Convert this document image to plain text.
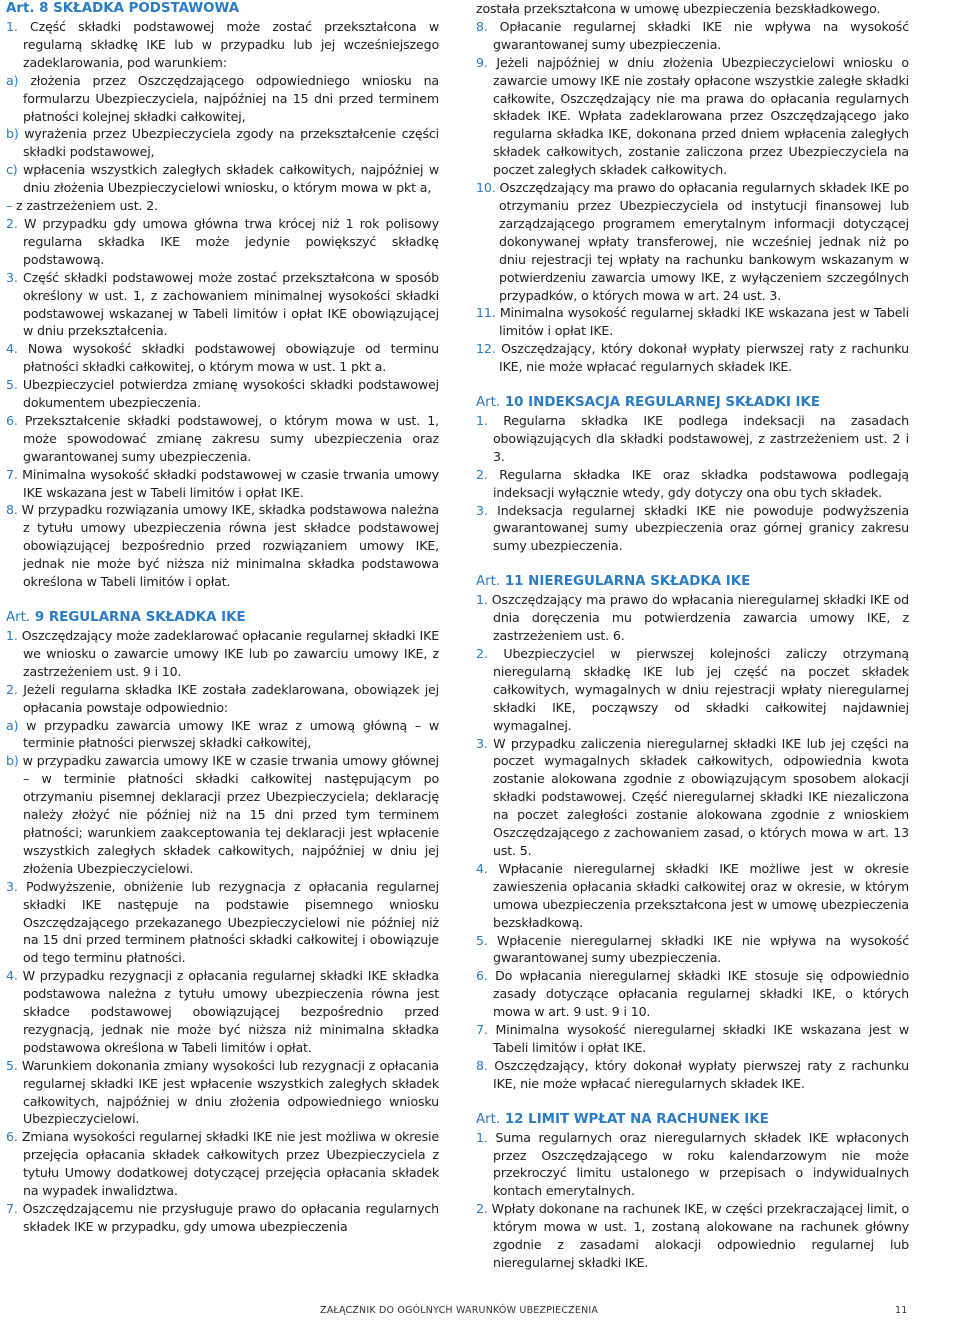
Art. 8 SKŁADKA PODSTAWOWA

1. Część składki podstawowej może zostać przekształcona w regularną składkę IKE lub w przypadku lub jej wcześniejszego zadeklarowania, pod warunkiem:

a) złożenia przez Oszczędzającego odpowiedniego wniosku na formularzu Ubezpieczyciela, najpóźniej na 15 dni przed terminem płatności kolejnej składki całkowitej,

b) wyrażenia przez Ubezpieczyciela zgody na przekształcenie części składki podstawowej,

c) wpłacenia wszystkich zaległych składek całkowitych, najpóźniej w dniu złożenia Ubezpieczycielowi wniosku, o którym mowa w pkt a,

– z zastrzeżeniem ust. 2.

2. W przypadku gdy umowa główna trwa krócej niż 1 rok polisowy regularna składka IKE może jedynie powiększyć składkę podstawową.

3. Część składki podstawowej może zostać przekształcona w sposób określony w ust. 1, z zachowaniem minimalnej wysokości składki podstawowej wskazanej w Tabeli limitów i opłat IKE obowiązującej w dniu przekształcenia.

4. Nowa wysokość składki podstawowej obowiązuje od terminu płatności składki całkowitej, o którym mowa w ust. 1 pkt a.

5. Ubezpieczyciel potwierdza zmianę wysokości składki podstawowej dokumentem ubezpieczenia.

6. Przekształcenie składki podstawowej, o którym mowa w ust. 1, może spowodować zmianę zakresu sumy ubezpieczenia oraz gwarantowanej sumy ubezpieczenia.

7. Minimalna wysokość składki podstawowej w czasie trwania umowy IKE wskazana jest w Tabeli limitów i opłat IKE.

8. W przypadku rozwiązania umowy IKE, składka podstawowa należna z tytułu umowy ubezpieczenia równa jest składce podstawowej obowiązującej bezpośrednio przed rozwiązaniem umowy IKE, jednak nie może być niższa niż minimalna składka podstawowa określona w Tabeli limitów i opłat.

Art. 9 REGULARNA SKŁADKA IKE

1. Oszczędzający może zadeklarować opłacanie regularnej składki IKE we wniosku o zawarcie umowy IKE lub po zawarciu umowy IKE, z zastrzeżeniem ust. 9 i 10.

2. Jeżeli regularna składka IKE została zadeklarowana, obowiązek jej opłacania powstaje odpowiednio:

a) w przypadku zawarcia umowy IKE wraz z umową główną – w terminie płatności pierwszej składki całkowitej,

b) w przypadku zawarcia umowy IKE w czasie trwania umowy głównej – w terminie płatności składki całkowitej następującym po otrzymaniu pisemnej deklaracji przez Ubezpieczyciela; deklarację należy złożyć nie później niż na 15 dni przed tym terminem płatności; warunkiem zaakceptowania tej deklaracji jest wpłacenie wszystkich zaległych składek całkowitych, najpóźniej w dniu jej złożenia Ubezpieczycielowi.

3. Podwyższenie, obniżenie lub rezygnacja z opłacania regularnej składki IKE następuje na podstawie pisemnego wniosku Oszczędzającego przekazanego Ubezpieczycielowi nie później niż na 15 dni przed terminem płatności składki całkowitej i obowiązuje od tego terminu płatności.

4. W przypadku rezygnacji z opłacania regularnej składki IKE składka podstawowa należna z tytułu umowy ubezpieczenia równa jest składce podstawowej obowiązującej bezpośrednio przed rezygnacją, jednak nie może być niższa niż minimalna składka podstawowa określona w Tabeli limitów i opłat.

5. Warunkiem dokonania zmiany wysokości lub rezygnacji z opłacania regularnej składki IKE jest wpłacenie wszystkich zaległych składek całkowitych, najpóźniej w dniu złożenia odpowiedniego wniosku Ubezpieczycielowi.

6. Zmiana wysokości regularnej składki IKE nie jest możliwa w okresie przejęcia opłacania składek całkowitych przez Ubezpieczyciela z tytułu Umowy dodatkowej dotyczącej przejęcia opłacania składek na wypadek inwalidztwa.

7. Oszczędzającemu nie przysługuje prawo do opłacania regularnych składek IKE w przypadku, gdy umowa ubezpieczenia

została przekształcona w umowę ubezpieczenia bezskładkowego.

8. Opłacanie regularnej składki IKE nie wpływa na wysokość gwarantowanej sumy ubezpieczenia.

9. Jeżeli najpóźniej w dniu złożenia Ubezpieczycielowi wniosku o zawarcie umowy IKE nie zostały opłacone wszystkie zaległe składki całkowite, Oszczędzający nie ma prawa do opłacania regularnych składek IKE. Wpłata zadeklarowana przez Oszczędzającego jako regularna składka IKE, dokonana przed dniem wpłacenia zaległych składek całkowitych, zostanie zaliczona przez Ubezpieczyciela na poczet zaległych składek całkowitych.

10. Oszczędzający ma prawo do opłacania regularnych składek IKE po otrzymaniu przez Ubezpieczyciela od instytucji finansowej lub zarządzającego programem emerytalnym informacji dotyczącej dokonywanej wpłaty transferowej, nie wcześniej jednak niż po dniu rejestracji tej wpłaty na rachunku bankowym wskazanym w potwierdzeniu zawarcia umowy IKE, z wyłączeniem szczególnych przypadków, o których mowa w art. 24 ust. 3.

11. Minimalna wysokość regularnej składki IKE wskazana jest w Tabeli limitów i opłat IKE.

12. Oszczędzający, który dokonał wypłaty pierwszej raty z rachunku IKE, nie może wpłacać regularnych składek IKE.

Art. 10 INDEKSACJA REGULARNEJ SKŁADKI IKE

1. Regularna składka IKE podlega indeksacji na zasadach obowiązujących dla składki podstawowej, z zastrzeżeniem ust. 2 i 3.

2. Regularna składka IKE oraz składka podstawowa podlegają indeksacji wyłącznie wtedy, gdy dotyczy ona obu tych składek.

3. Indeksacja regularnej składki IKE nie powoduje podwyższenia gwarantowanej sumy ubezpieczenia oraz górnej granicy zakresu sumy ubezpieczenia.

Art. 11 NIEREGULARNA SKŁADKA IKE

1. Oszczędzający ma prawo do wpłacania nieregularnej składki IKE od dnia doręczenia mu potwierdzenia zawarcia umowy IKE, z zastrzeżeniem ust. 6.

2. Ubezpieczyciel w pierwszej kolejności zaliczy otrzymaną nieregularną składkę IKE lub jej część na poczet składek całkowitych, wymagalnych w dniu rejestracji wpłaty nieregularnej składki IKE, począwszy od składki całkowitej najdawniej wymagalnej.

3. W przypadku zaliczenia nieregularnej składki IKE lub jej części na poczet wymagalnych składek całkowitych, odpowiednia kwota zostanie alokowana zgodnie z obowiązującym sposobem alokacji składki podstawowej. Część nieregularnej składki IKE niezaliczona na poczet zaległości zostanie alokowana zgodnie z wnioskiem Oszczędzającego z zachowaniem zasad, o których mowa w art. 13 ust. 5.

4. Wpłacanie nieregularnej składki IKE możliwe jest w okresie zawieszenia opłacania składki całkowitej oraz w okresie, w którym umowa ubezpieczenia przekształcona jest w umowę ubezpieczenia bezskładkową.

5. Wpłacenie nieregularnej składki IKE nie wpływa na wysokość gwarantowanej sumy ubezpieczenia.

6. Do wpłacania nieregularnej składki IKE stosuje się odpowiednio zasady dotyczące opłacania regularnej składki IKE, o których mowa w art. 9 ust. 9 i 10.

7. Minimalna wysokość nieregularnej składki IKE wskazana jest w Tabeli limitów i opłat IKE.

8. Oszczędzający, który dokonał wypłaty pierwszej raty z rachunku IKE, nie może wpłacać nieregularnych składek IKE.

Art. 12 LIMIT WPŁAT NA RACHUNEK IKE

1. Suma regularnych oraz nieregularnych składek IKE wpłaconych przez Oszczędzającego w roku kalendarzowym nie może przekroczyć limitu ustalonego w przepisach o indywidualnych kontach emerytalnych.

2. Wpłaty dokonane na rachunek IKE, w części przekraczającej limit, o którym mowa w ust. 1, zostaną alokowane na rachunek główny zgodnie z zasadami alokacji odpowiednio regularnej lub nieregularnej składki IKE.

ZAŁĄCZNIK DO OGÓLNYCH WARUNKÓW UBEZPIECZENIA	11
